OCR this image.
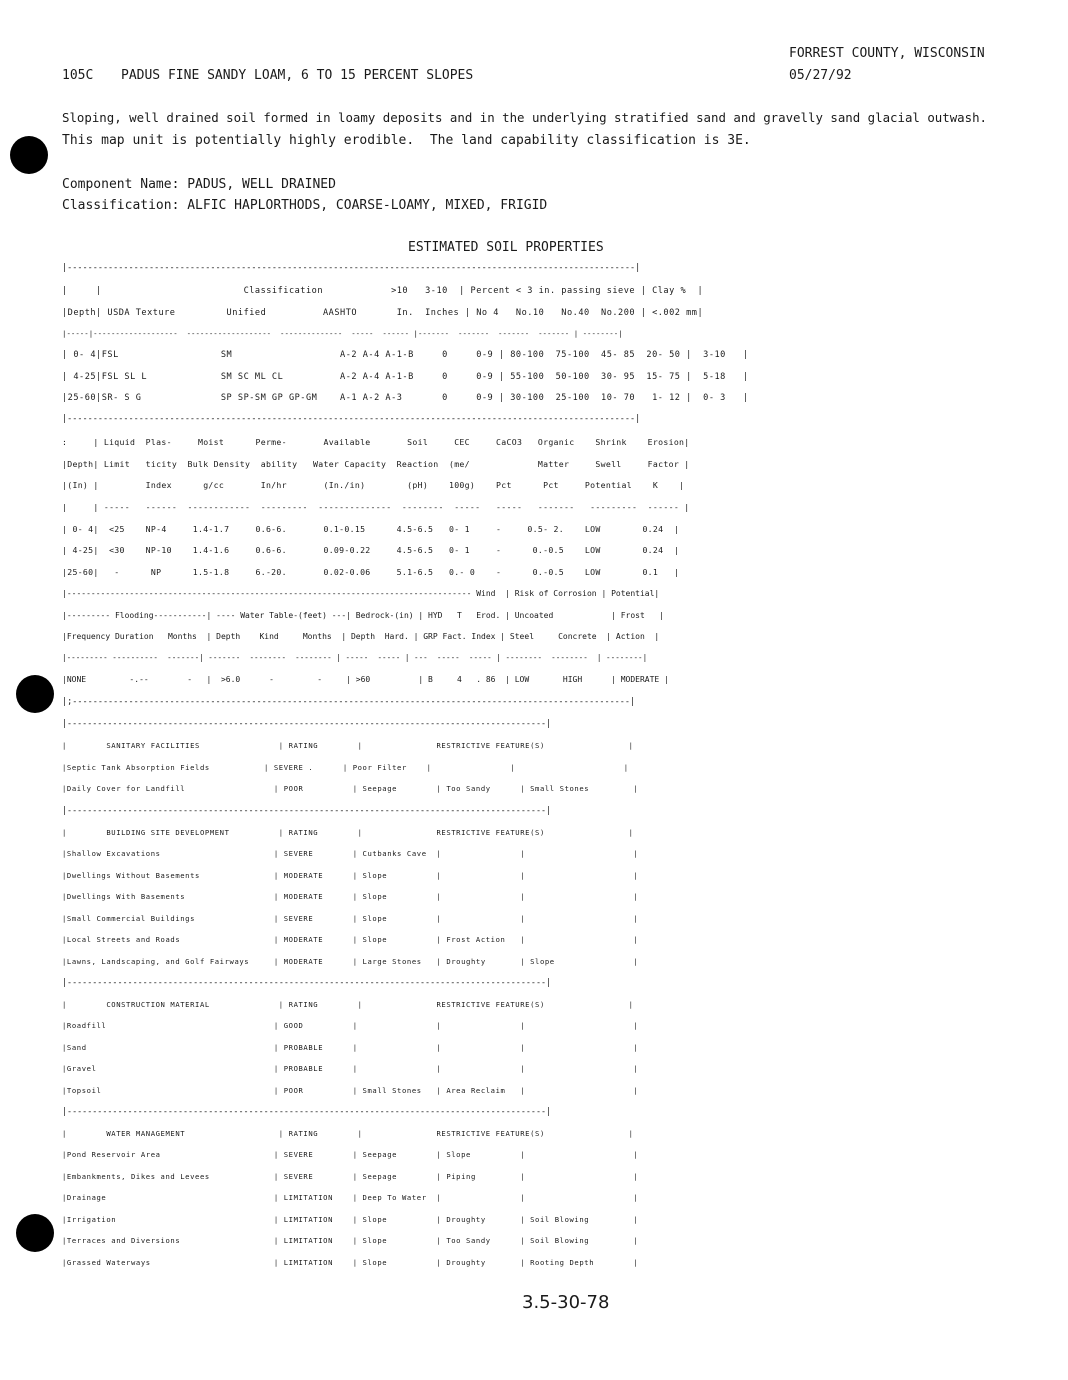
FORREST COUNTY, WISCONSIN
105C PADUS FINE SANDY LOAM, 6 TO 15 PERCENT SLOPES	05/27/92
Sloping, well drained soil formed in loamy deposits and in the underlying stratified sand and gravelly sand glacial outwash.
This map unit is potentially highly erodible.  The land capability classification is 3E.
Component Name: PADUS, WELL DRAINED
Classification: ALFIC HAPLORTHODS, COARSE-LOAMY, MIXED, FRIGID
ESTIMATED SOIL PROPERTIES
|---------------------------------------------------------------------------------------------------------------|
|     |                         Classification            >10   3-10  | Percent < 3 in. passing sieve | Clay %  |
|Depth| USDA Texture         Unified          AASHTO       In.  Inches | No 4   No.10   No.40  No.200 | <.002 mm|
|-----|-------------------  -------------------  --------------  -----  ------ |-------  -------  -------  ------- | --------|
| 0- 4|FSL                  SM                   A-2 A-4 A-1-B     0     0-9 | 80-100  75-100  45- 85  20- 50 |  3-10   |
| 4-25|FSL SL L             SM SC ML CL          A-2 A-4 A-1-B     0     0-9 | 55-100  50-100  30- 95  15- 75 |  5-18   |
|25-60|SR- S G              SP SP-SM GP GP-GM    A-1 A-2 A-3       0     0-9 | 30-100  25-100  10- 70   1- 12 |  0- 3   |
|---------------------------------------------------------------------------------------------------------------|
:     | Liquid  Plas-     Moist      Perme-       Available       Soil     CEC     CaCO3   Organic    Shrink    Erosion|
|Depth| Limit   ticity  Bulk Density  ability   Water Capacity  Reaction  (me/             Matter     Swell     Factor |
|(In) |         Index      g/cc       In/hr       (In./in)        (pH)    100g)    Pct      Pct     Potential    K    |
|     | -----   ------  ------------  ---------  --------------  --------  -----   -----   -------   ---------  ------ |
| 0- 4|  <25    NP-4     1.4-1.7     0.6-6.       0.1-0.15      4.5-6.5   0- 1     -     0.5- 2.    LOW        0.24  |
| 4-25|  <30    NP-10    1.4-1.6     0.6-6.       0.09-0.22     4.5-6.5   0- 1     -      0.-0.5    LOW        0.24  |
|25-60|   -      NP      1.5-1.8     6.-20.       0.02-0.06     5.1-6.5   0.- 0    -      0.-0.5    LOW        0.1   |
|------------------------------------------------------------------------------------ Wind  | Risk of Corrosion | Potential|
|--------- Flooding-----------| ---- Water Table-(feet) ---| Bedrock-(in) | HYD   T   Erod. | Uncoated            | Frost   |
|Frequency Duration   Months  | Depth    Kind     Months  | Depth  Hard. | GRP Fact. Index | Steel     Concrete  | Action  |
|--------- ----------  -------| -------  --------  -------- | -----  ----- | ---  -----  ----- | --------  --------  | --------|
|NONE         -.--        -   |  >6.0      -         -     | >60          | B     4   . 86  | LOW       HIGH      | MODERATE |
|;-------------------------------------------------------------------------------------------------------------|
|-----------------------------------------------------------------------------------------------|
|        SANITARY FACILITIES                | RATING        |               RESTRICTIVE FEATURE(S)                 |
|Septic Tank Absorption Fields           | SEVERE .      | Poor Filter    |                |                      |
|Daily Cover for Landfill                  | POOR          | Seepage        | Too Sandy      | Small Stones         |
|-----------------------------------------------------------------------------------------------|
|        BUILDING SITE DEVELOPMENT          | RATING        |               RESTRICTIVE FEATURE(S)                 |
|Shallow Excavations                       | SEVERE        | Cutbanks Cave  |                |                      |
|Dwellings Without Basements               | MODERATE      | Slope          |                |                      |
|Dwellings With Basements                  | MODERATE      | Slope          |                |                      |
|Small Commercial Buildings                | SEVERE        | Slope          |                |                      |
|Local Streets and Roads                   | MODERATE      | Slope          | Frost Action   |                      |
|Lawns, Landscaping, and Golf Fairways     | MODERATE      | Large Stones   | Droughty       | Slope                |
|-----------------------------------------------------------------------------------------------|
|        CONSTRUCTION MATERIAL              | RATING        |               RESTRICTIVE FEATURE(S)                 |
|Roadfill                                  | GOOD          |                |                |                      |
|Sand                                      | PROBABLE      |                |                |                      |
|Gravel                                    | PROBABLE      |                |                |                      |
|Topsoil                                   | POOR          | Small Stones   | Area Reclaim   |                      |
|-----------------------------------------------------------------------------------------------|
|        WATER MANAGEMENT                   | RATING        |               RESTRICTIVE FEATURE(S)                 |
|Pond Reservoir Area                       | SEVERE        | Seepage        | Slope          |                      |
|Embankments, Dikes and Levees             | SEVERE        | Seepage        | Piping         |                      |
|Drainage                                  | LIMITATION    | Deep To Water  |                |                      |
|Irrigation                                | LIMITATION    | Slope          | Droughty       | Soil Blowing         |
|Terraces and Diversions                   | LIMITATION    | Slope          | Too Sandy      | Soil Blowing         |
|Grassed Waterways                         | LIMITATION    | Slope          | Droughty       | Rooting Depth        |
3.5-30-78
